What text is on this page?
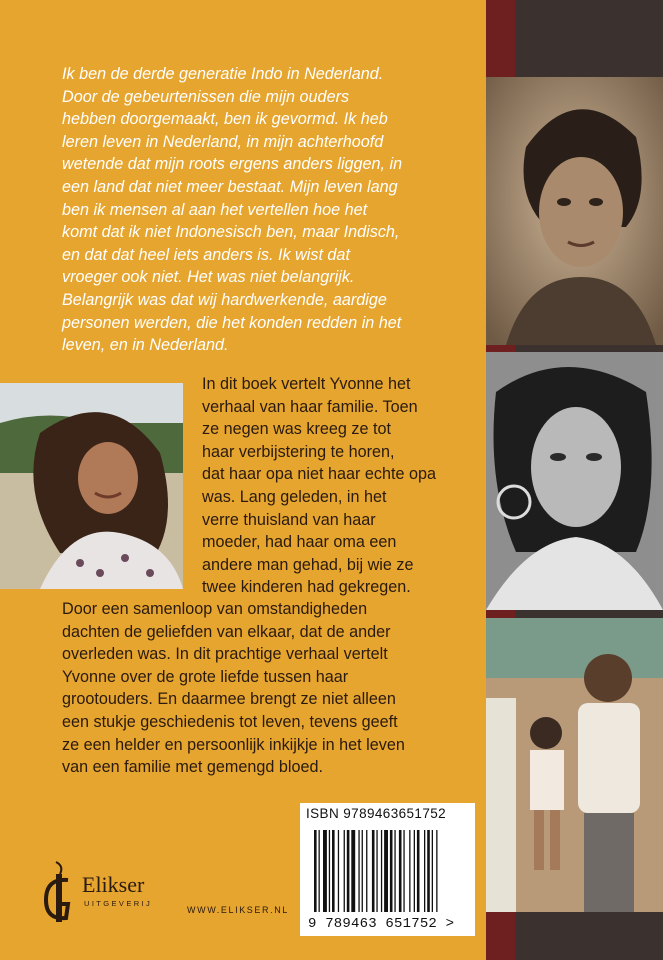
Ik ben de derde generatie Indo in Nederland.
Door de gebeurtenissen die mijn ouders
hebben doorgemaakt, ben ik gevormd. Ik heb
leren leven in Nederland, in mijn achterhoofd
wetende dat mijn roots ergens anders liggen, in
een land dat niet meer bestaat. Mijn leven lang
ben ik mensen al aan het vertellen hoe het
komt dat ik niet Indonesisch ben, maar Indisch,
en dat dat heel iets anders is. Ik wist dat
vroeger ook niet. Het was niet belangrijk.
Belangrijk was dat wij hardwerkende, aardige
personen werden, die het konden redden in het
leven, en in Nederland.

In dit boek vertelt Yvonne het
verhaal van haar familie. Toen
ze negen was kreeg ze tot
haar verbijstering te horen,
dat haar opa niet haar echte opa
was. Lang geleden, in het
verre thuisland van haar
moeder, had haar oma een
andere man gehad, bij wie ze
twee kinderen had gekregen.

Door een samenloop van omstandigheden
dachten de geliefden van elkaar, dat de ander
overleden was. In dit prachtige verhaal vertelt
Yvonne over de grote liefde tussen haar
grootouders. En daarmee brengt ze niet alleen
een stukje geschiedenis tot leven, tevens geeft
ze een helder en persoonlijk inkijkje in het leven
van een familie met gemengd bloed.

ISBN 9789463651752
9 789463 651752 >
Elikser
UITGEVERIJ
WWW.ELIKSER.NL
